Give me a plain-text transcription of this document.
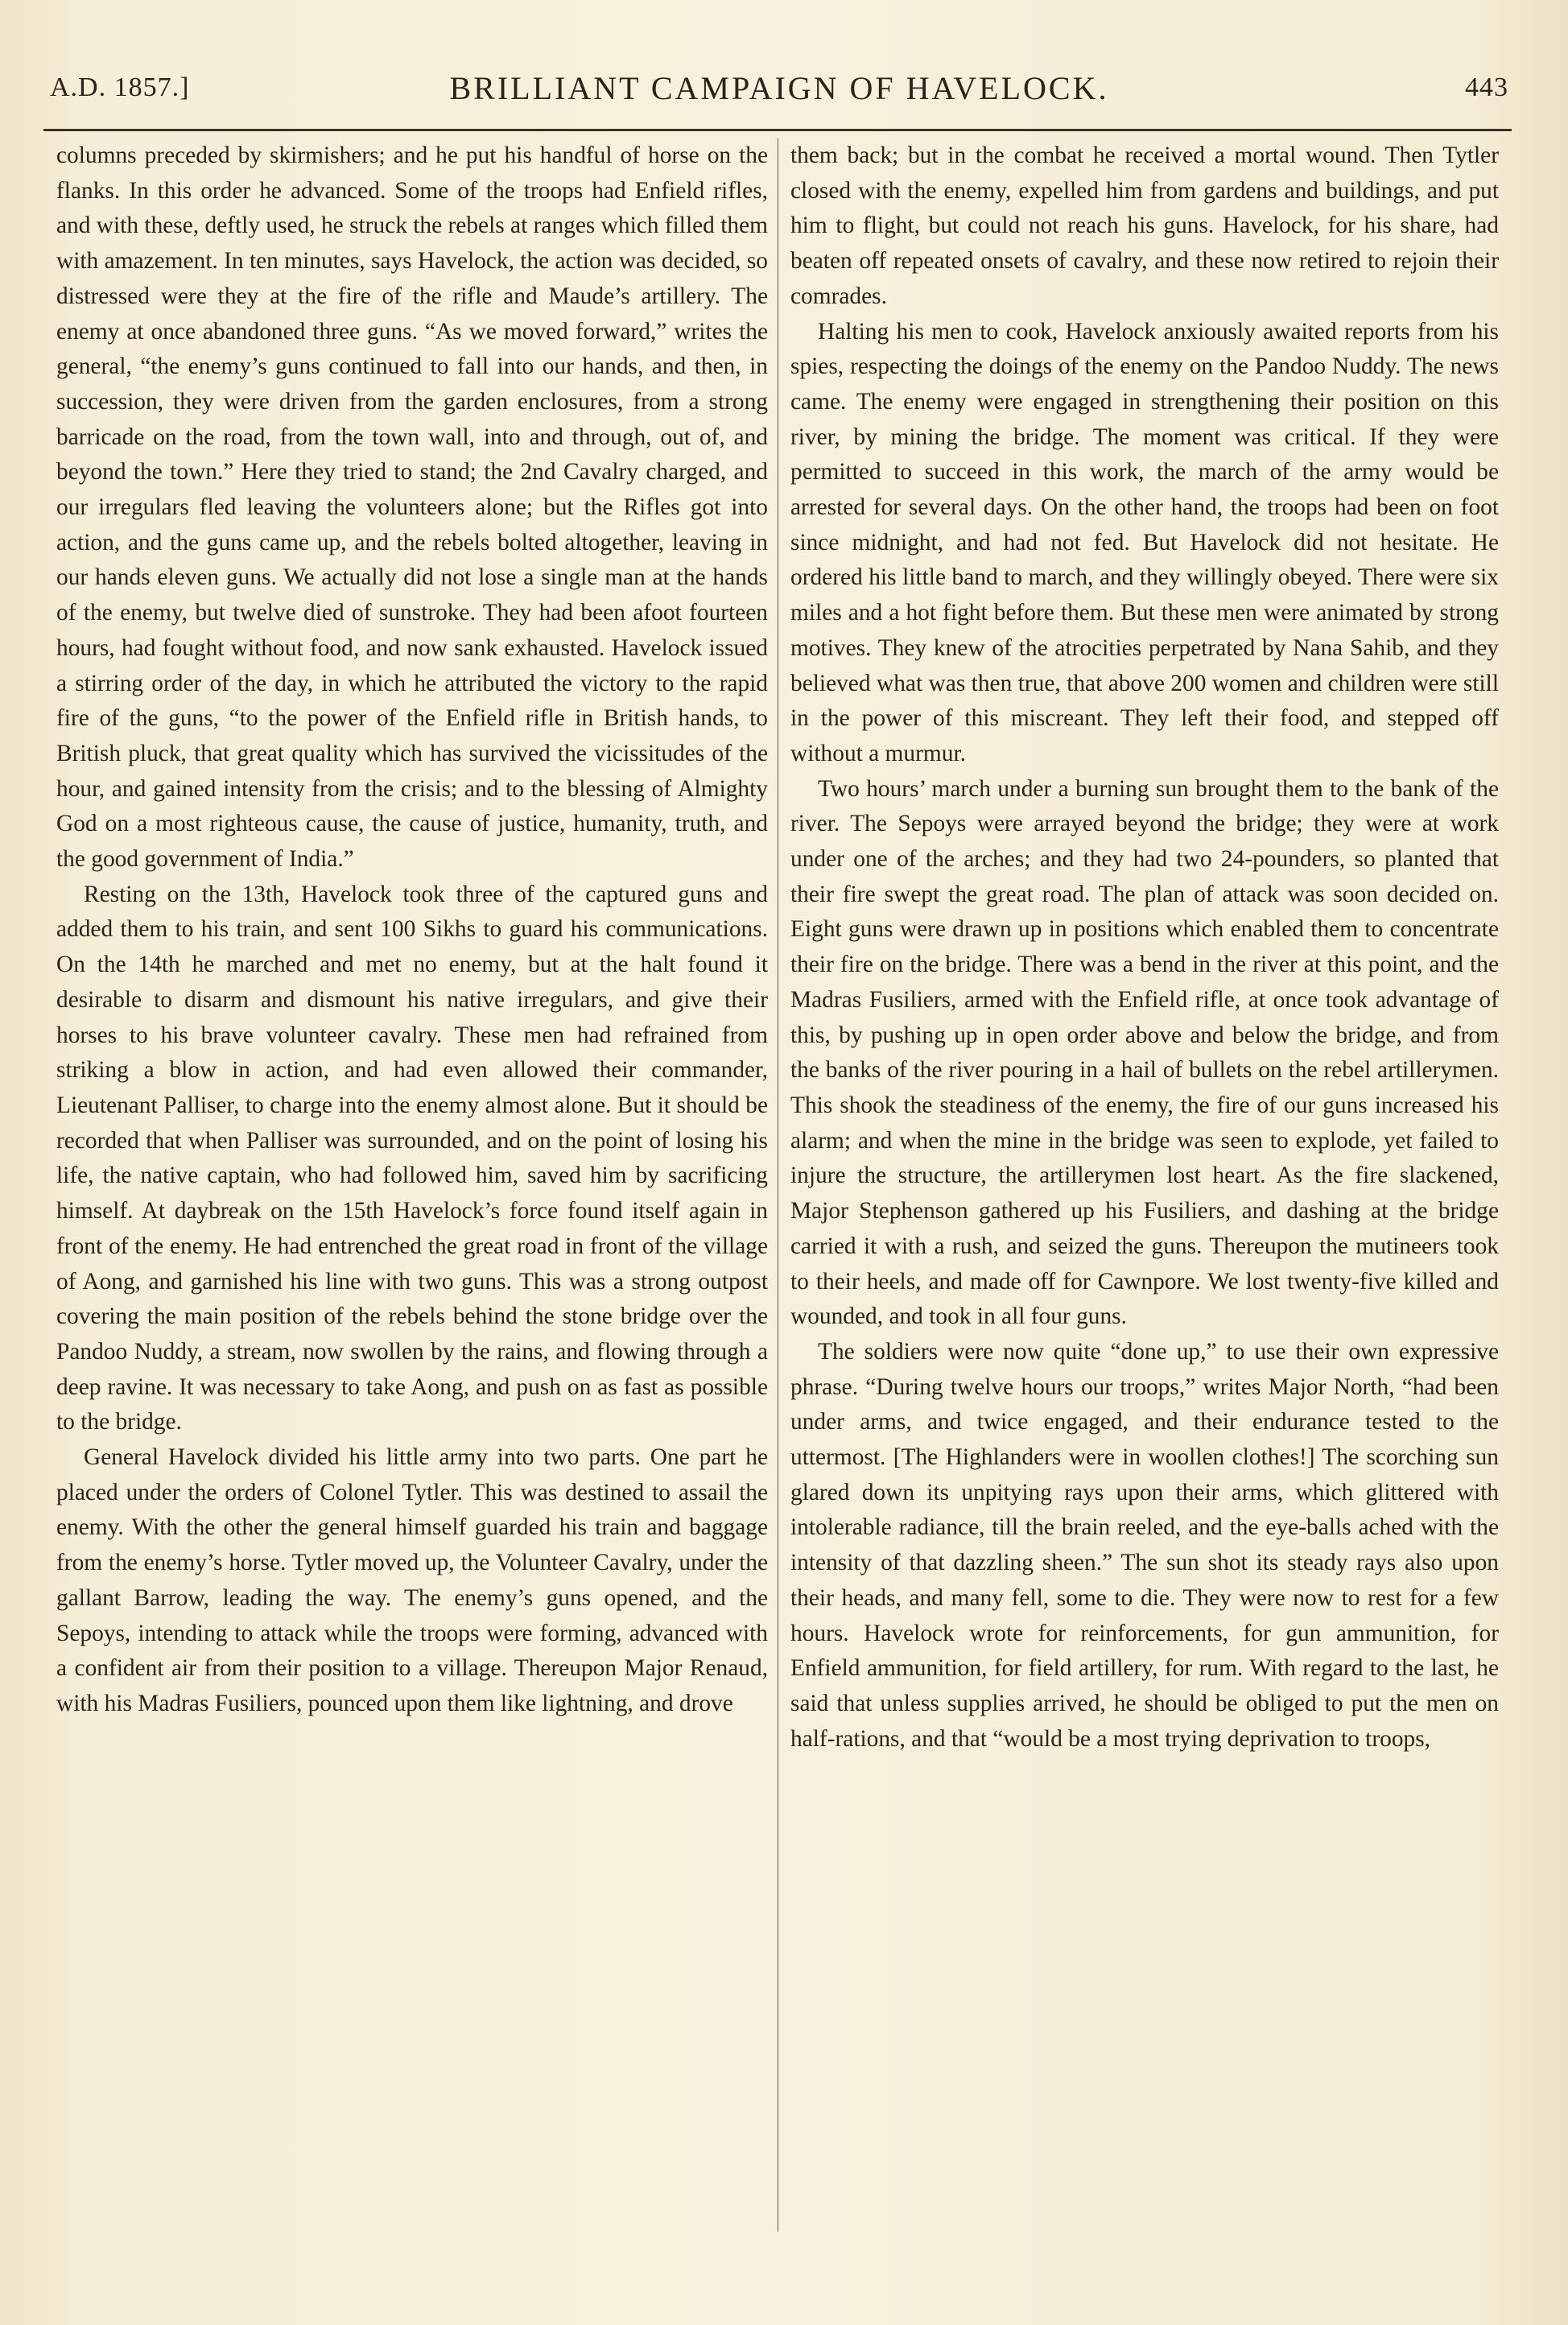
A.D. 1857.]	BRILLIANT CAMPAIGN OF HAVELOCK.	443

columns preceded by skirmishers; and he put his handful of horse on the flanks. In this order he advanced. Some of the troops had Enfield rifles, and with these, deftly used, he struck the rebels at ranges which filled them with amazement. In ten minutes, says Havelock, the action was decided, so distressed were they at the fire of the rifle and Maude’s artillery. The enemy at once abandoned three guns. “As we moved forward,” writes the general, “the enemy’s guns continued to fall into our hands, and then, in succession, they were driven from the garden enclosures, from a strong barricade on the road, from the town wall, into and through, out of, and beyond the town.” Here they tried to stand; the 2nd Cavalry charged, and our irregulars fled leaving the volunteers alone; but the Rifles got into action, and the guns came up, and the rebels bolted altogether, leaving in our hands eleven guns. We actually did not lose a single man at the hands of the enemy, but twelve died of sunstroke. They had been afoot fourteen hours, had fought without food, and now sank exhausted. Havelock issued a stirring order of the day, in which he attributed the victory to the rapid fire of the guns, “to the power of the Enfield rifle in British hands, to British pluck, that great quality which has survived the vicissitudes of the hour, and gained intensity from the crisis; and to the blessing of Almighty God on a most righteous cause, the cause of justice, humanity, truth, and the good government of India.”

Resting on the 13th, Havelock took three of the captured guns and added them to his train, and sent 100 Sikhs to guard his communications. On the 14th he marched and met no enemy, but at the halt found it desirable to disarm and dismount his native irregulars, and give their horses to his brave volunteer cavalry. These men had refrained from striking a blow in action, and had even allowed their commander, Lieutenant Palliser, to charge into the enemy almost alone. But it should be recorded that when Palliser was surrounded, and on the point of losing his life, the native captain, who had followed him, saved him by sacrificing himself. At daybreak on the 15th Havelock’s force found itself again in front of the enemy. He had entrenched the great road in front of the village of Aong, and garnished his line with two guns. This was a strong outpost covering the main position of the rebels behind the stone bridge over the Pandoo Nuddy, a stream, now swollen by the rains, and flowing through a deep ravine. It was necessary to take Aong, and push on as fast as possible to the bridge.

General Havelock divided his little army into two parts. One part he placed under the orders of Colonel Tytler. This was destined to assail the enemy. With the other the general himself guarded his train and baggage from the enemy’s horse. Tytler moved up, the Volunteer Cavalry, under the gallant Barrow, leading the way. The enemy’s guns opened, and the Sepoys, intending to attack while the troops were forming, advanced with a confident air from their position to a village. Thereupon Major Renaud, with his Madras Fusiliers, pounced upon them like lightning, and drove

them back; but in the combat he received a mortal wound. Then Tytler closed with the enemy, expelled him from gardens and buildings, and put him to flight, but could not reach his guns. Havelock, for his share, had beaten off repeated onsets of cavalry, and these now retired to rejoin their comrades.

Halting his men to cook, Havelock anxiously awaited reports from his spies, respecting the doings of the enemy on the Pandoo Nuddy. The news came. The enemy were engaged in strengthening their position on this river, by mining the bridge. The moment was critical. If they were permitted to succeed in this work, the march of the army would be arrested for several days. On the other hand, the troops had been on foot since midnight, and had not fed. But Havelock did not hesitate. He ordered his little band to march, and they willingly obeyed. There were six miles and a hot fight before them. But these men were animated by strong motives. They knew of the atrocities perpetrated by Nana Sahib, and they believed what was then true, that above 200 women and children were still in the power of this miscreant. They left their food, and stepped off without a murmur.

Two hours’ march under a burning sun brought them to the bank of the river. The Sepoys were arrayed beyond the bridge; they were at work under one of the arches; and they had two 24-pounders, so planted that their fire swept the great road. The plan of attack was soon decided on. Eight guns were drawn up in positions which enabled them to concentrate their fire on the bridge. There was a bend in the river at this point, and the Madras Fusiliers, armed with the Enfield rifle, at once took advantage of this, by pushing up in open order above and below the bridge, and from the banks of the river pouring in a hail of bullets on the rebel artillerymen. This shook the steadiness of the enemy, the fire of our guns increased his alarm; and when the mine in the bridge was seen to explode, yet failed to injure the structure, the artillerymen lost heart. As the fire slackened, Major Stephenson gathered up his Fusiliers, and dashing at the bridge carried it with a rush, and seized the guns. Thereupon the mutineers took to their heels, and made off for Cawnpore. We lost twenty-five killed and wounded, and took in all four guns.

The soldiers were now quite “done up,” to use their own expressive phrase. “During twelve hours our troops,” writes Major North, “had been under arms, and twice engaged, and their endurance tested to the uttermost. [The Highlanders were in woollen clothes!] The scorching sun glared down its unpitying rays upon their arms, which glittered with intolerable radiance, till the brain reeled, and the eye-balls ached with the intensity of that dazzling sheen.” The sun shot its steady rays also upon their heads, and many fell, some to die. They were now to rest for a few hours. Havelock wrote for reinforcements, for gun ammunition, for Enfield ammunition, for field artillery, for rum. With regard to the last, he said that unless supplies arrived, he should be obliged to put the men on half-rations, and that “would be a most trying deprivation to troops,
